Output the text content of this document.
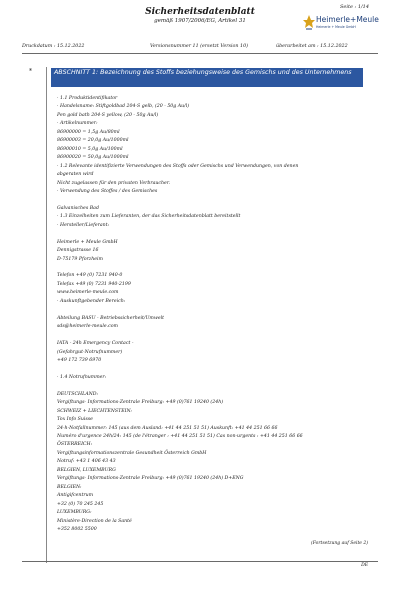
Seite : 1/14
Sicherheitsdatenblatt
gemäß 1907/2006/EG, Artikel 31	Heimerle+Meule
Heimerle + Meule GmbH
Druckdatum : 15.12.2022	Versionsnummer 11 (ersetzt Version 10)	überarbeitet am : 15.12.2022
*	ABSCHNITT 1: Bezeichnung des Stoffs beziehungsweise des Gemischs und des Unternehmens
· 1.1 Produktidentifikator
· Handelsname: Stiftgoldbad 204-S gelb, (20 - 50g Au/l)
Pen gold bath 204-S yellow, (20 - 50g Au/l)
· Artikelnummer:
86900000 = 1,5g Au/80ml
86900003 = 20,0g Au/1000ml
86900010 = 5,0g Au/100ml
86900020 = 50,0g Au/1000ml
· 1.2 Relevante identifizierte Verwendungen des Stoffs oder Gemischs und Verwendungen, von denen
abgeraten wird
Nicht zugelassen für den privaten Verbraucher.
· Verwendung des Stoffes / des Gemisches
Galvanisches Bad
· 1.3 Einzelheiten zum Lieferanten, der das Sicherheitsdatenblatt bereitstellt
· Hersteller/Lieferant:
Heimerle + Meule GmbH
Dennigstrasse 16
D-75179 Pforzheim
Telefon +49 (0) 7231 940-0
Telefax +49 (0) 7231 940-2199
www.heimerle-meule.com
· Auskunftgebender Bereich:
Abteilung BASU - Betriebssicherheit/Umwelt
sds@heimerle-meule.com
IATA - 24h Emergency Contact -
(Gefahrgut-Notrufnummer)
+49 172 739 6970
· 1.4 Notrufnummer:
DEUTSCHLAND:
Vergiftungs- Informations-Zentrale Freiburg: +49 (0)761 19240 (24h)
SCHWEIZ + LIECHTENSTEIN:
Tox Info Suisse
24-h-Notfallnummer: 145 (aus dem Ausland: +41 44 251 51 51) Auskunft: +41 44 251 66 66
Numéro d'urgence 24h/24: 145 (de l'étranger : +41 44 251 51 51) Cas non-urgents : +41 44 251 66 66
ÖSTERREICH:
Vergiftungsinformationszentrale Gesundheit Österreich GmbH
Notruf: +43 1 406 43 43
BELGIEN, LUXEMBURG
Vergiftungs- Informations-Zentrale Freiburg: +49 (0)761 19240 (24h) D+ENG
BELGIEN:
Antigifcentrum
+32 (0) 70 245 245
LUXEMBURG:
Ministère-Direction de la Santé
+352 8002 5500
(Fortsetzung auf Seite 2)
DE
